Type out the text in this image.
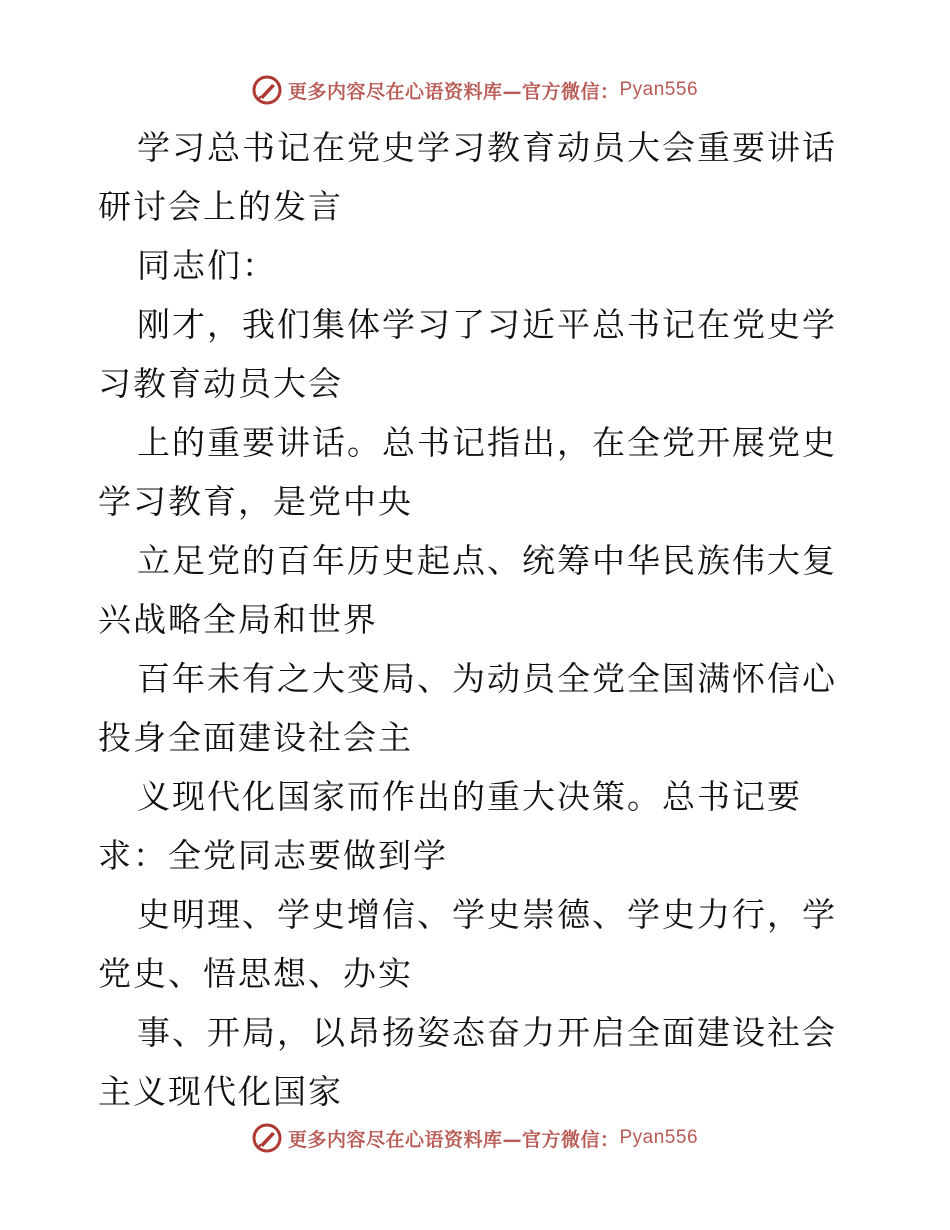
更多内容尽在心语资料库—官方微信： Pyan556

学习总书记在党史学习教育动员大会重要讲话研讨会上的发言

同志们：

刚才，我们集体学习了习近平总书记在党史学习教育动员大会

上的重要讲话。总书记指出，在全党开展党史学习教育，是党中央

立足党的百年历史起点、统筹中华民族伟大复兴战略全局和世界

百年未有之大变局、为动员全党全国满怀信心投身全面建设社会主

义现代化国家而作出的重大决策。总书记要求：全党同志要做到学

史明理、学史增信、学史崇德、学史力行，学党史、悟思想、办实

事、开局，以昂扬姿态奋力开启全面建设社会主义现代化国家

更多内容尽在心语资料库—官方微信： Pyan556
